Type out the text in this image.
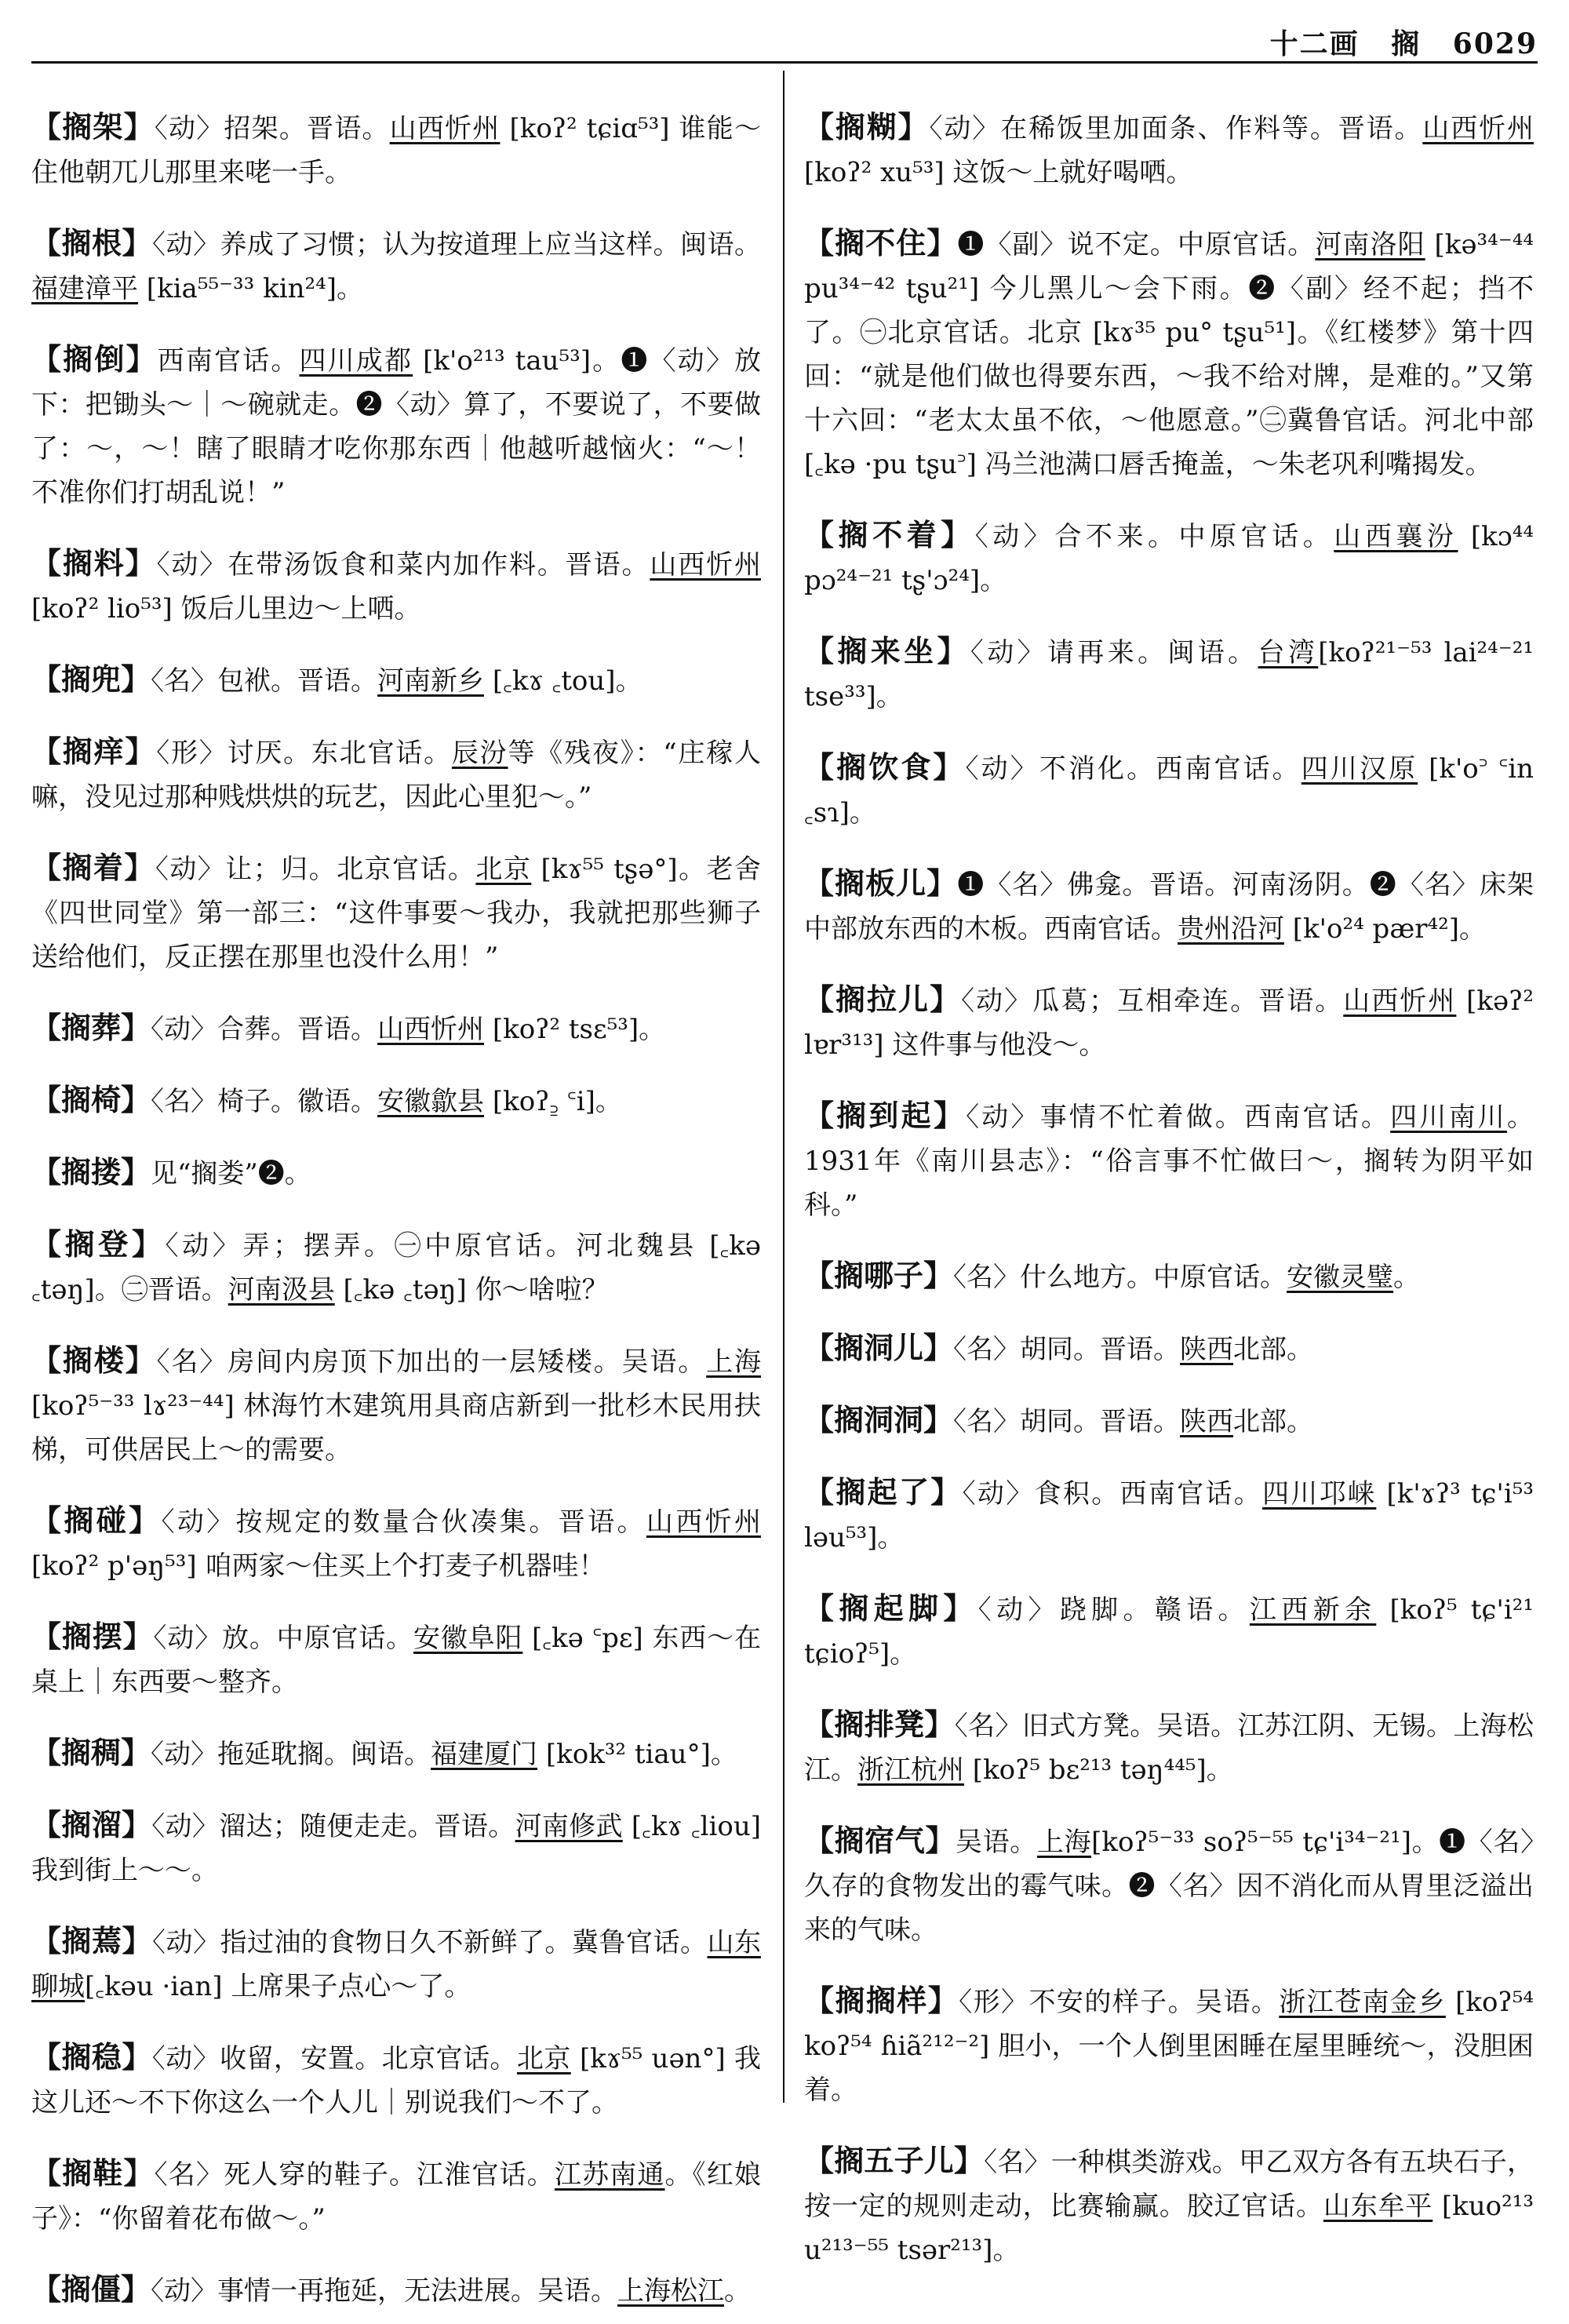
十二画 搁 6029

【 搁架 】 〈动〉招架。晋语。山西忻州 [koʔ² tɕiɑ⁵³] 谁能～住他朝兀儿那里来咾一手。

【 搁根 】 〈动〉养成了习惯；认为按道理上应当这样。闽语。福建漳平 [kia⁵⁵⁻³³ kin²⁴]。

【 搁倒 】 西南官话。四川成都 [k'o²¹³ tau⁵³]。❶〈动〉放下：把锄头～｜～碗就走。❷〈动〉算了，不要说了，不要做了：～，～！瞎了眼睛才吃你那东西｜他越听越恼火：“～！不准你们打胡乱说！”

【 搁料 】 〈动〉在带汤饭食和菜内加作料。晋语。山西忻州 [koʔ² lio⁵³] 饭后儿里边～上哂。

【 搁兜 】 〈名〉包袱。晋语。河南新乡 [꜀kɤ ꜀tou]。

【 搁痒 】 〈形〉讨厌。东北官话。辰汾等《残夜》：“庄稼人嘛，没见过那种贱烘烘的玩艺，因此心里犯～。”

【 搁着 】 〈动〉让；归。北京官话。北京 [kɤ⁵⁵ tʂə°]。老舍《四世同堂》第一部三：“这件事要～我办，我就把那些狮子送给他们，反正摆在那里也没什么用！”

【 搁葬 】 〈动〉合葬。晋语。山西忻州 [koʔ² tsɛ⁵³]。

【 搁椅 】 〈名〉椅子。徽语。安徽歙县 [koʔ꜇ ꜂i]。

【 搁搂 】 见“搁娄”❷。

【 搁登 】 〈动〉弄；摆弄。㊀中原官话。河北魏县 [꜀kə ꜀təŋ]。㊁晋语。河南汲县 [꜀kə ꜀təŋ] 你～啥啦？

【 搁楼 】 〈名〉房间内房顶下加出的一层矮楼。吴语。上海 [koʔ⁵⁻³³ lɤ²³⁻⁴⁴] 林海竹木建筑用具商店新到一批杉木民用扶梯，可供居民上～的需要。

【 搁碰 】 〈动〉按规定的数量合伙凑集。晋语。山西忻州 [koʔ² p'əŋ⁵³] 咱两家～住买上个打麦子机器哇！

【 搁摆 】 〈动〉放。中原官话。安徽阜阳 [꜀kə ꜂pɛ] 东西～在桌上｜东西要～整齐。

【 搁稠 】 〈动〉拖延耽搁。闽语。福建厦门 [kok³² tiau°]。

【 搁溜 】 〈动〉溜达；随便走走。晋语。河南修武 [꜀kɤ ꜀liou] 我到街上～～。

【 搁蔫 】 〈动〉指过油的食物日久不新鲜了。冀鲁官话。山东聊城[꜀kəu ·ian] 上席果子点心～了。

【 搁稳 】 〈动〉收留，安置。北京官话。北京 [kɤ⁵⁵ uən°] 我这儿还～不下你这么一个人儿｜别说我们～不了。

【 搁鞋 】 〈名〉死人穿的鞋子。江淮官话。江苏南通。《红娘子》：“你留着花布做～。”

【 搁僵 】 〈动〉事情一再拖延，无法进展。吴语。上海松江。

【 搁糊 】 〈动〉在稀饭里加面条、作料等。晋语。山西忻州 [koʔ² xu⁵³] 这饭～上就好喝哂。

【 搁不住 】 ❶〈副〉说不定。中原官话。河南洛阳 [kə³⁴⁻⁴⁴ pu³⁴⁻⁴² tʂu²¹] 今儿黑儿～会下雨。❷〈副〉经不起；挡不了。㊀北京官话。北京 [kɤ³⁵ pu° tʂu⁵¹]。《红楼梦》第十四回：“就是他们做也得要东西，～我不给对牌，是难的。”又第十六回：“老太太虽不依，～他愿意。”㊁冀鲁官话。河北中部 [꜀kə ·pu tʂu꜄] 冯兰池满口唇舌掩盖，～朱老巩利嘴揭发。

【 搁不着 】 〈动〉合不来。中原官话。山西襄汾 [kɔ⁴⁴ pɔ²⁴⁻²¹ tʂ'ɔ²⁴]。

【 搁来坐 】 〈动〉请再来。闽语。台湾[koʔ²¹⁻⁵³ lai²⁴⁻²¹ tse³³]。

【 搁饮食 】 〈动〉不消化。西南官话。四川汉原 [k'o꜄ ꜂in ꜀sɿ]。

【 搁板儿 】 ❶〈名〉佛龛。晋语。河南汤阴。❷〈名〉床架中部放东西的木板。西南官话。贵州沿河 [k'o²⁴ pær⁴²]。

【 搁拉儿 】 〈动〉瓜葛；互相牵连。晋语。山西忻州 [kəʔ² lɐr³¹³] 这件事与他没～。

【 搁到起 】 〈动〉事情不忙着做。西南官话。四川南川。1931年《南川县志》：“俗言事不忙做曰～，搁转为阴平如科。”

【 搁哪子 】 〈名〉什么地方。中原官话。安徽灵璧。

【 搁洞儿 】 〈名〉胡同。晋语。陕西北部。

【 搁洞洞 】 〈名〉胡同。晋语。陕西北部。

【 搁起了 】 〈动〉食积。西南官话。四川邛崃 [k'ɤʔ³ tɕ'i⁵³ ləu⁵³]。

【 搁起脚 】 〈动〉跷脚。赣语。江西新余 [koʔ⁵ tɕ'i²¹ tɕioʔ⁵]。

【 搁排凳 】 〈名〉旧式方凳。吴语。江苏江阴、无锡。上海松江。浙江杭州 [koʔ⁵ bɛ²¹³ təŋ⁴⁴⁵]。

【 搁宿气 】 吴语。上海[koʔ⁵⁻³³ soʔ⁵⁻⁵⁵ tɕ'i³⁴⁻²¹]。❶〈名〉久存的食物发出的霉气味。❷〈名〉因不消化而从胃里泛溢出来的气味。

【 搁搁样 】 〈形〉不安的样子。吴语。浙江苍南金乡 [koʔ⁵⁴ koʔ⁵⁴ ɦiã²¹²⁻²] 胆小，一个人倒里困睡在屋里睡统～，没胆困着。

【 搁五子儿 】 〈名〉一种棋类游戏。甲乙双方各有五块石子，按一定的规则走动，比赛输赢。胶辽官话。山东牟平 [kuo²¹³ u²¹³⁻⁵⁵ tsər²¹³]。
